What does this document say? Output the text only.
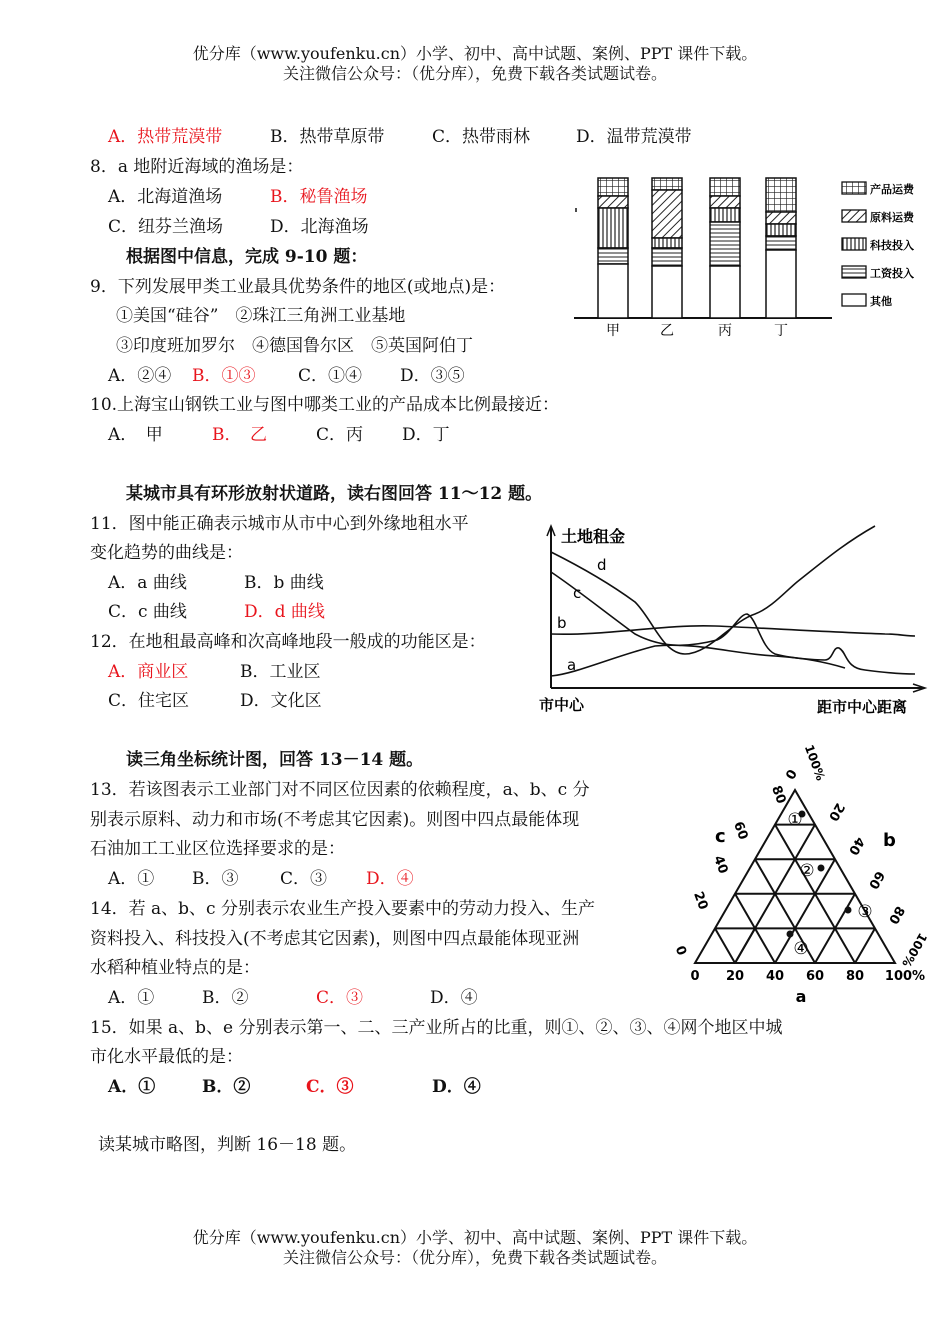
优分库（www.youfenku.cn）小学、初中、高中试题、案例、PPT 课件下载。
关注微信公众号：（优分库），免费下载各类试题试卷。
A．热带荒漠带	B．热带草原带	C．热带雨林	D．温带荒漠带
8．a 地附近海域的渔场是：
A．北海道渔场	B．秘鲁渔场
C．纽芬兰渔场	D．北海渔场
根据图中信息，完成 9-10 题：
9．下列发展甲类工业最具优势条件的地区(或地点)是：
①美国“硅谷”　②珠江三角洲工业基地
③印度班加罗尔　④德国鲁尔区　⑤英国阿伯丁
A．②④ B．①③	C．①④ D．③⑤
10.上海宝山钢铁工业与图中哪类工业的产品成本比例最接近：
A．　甲	B．　乙	C．丙 D．丁
甲	乙	丙	丁
产品运费
原料运费
科技投入
工资投入
其他
某城市具有环形放射状道路，读右图回答 11～12 题。
11．图中能正确表示城市从市中心到外缘地租水平
变化趋势的曲线是：
A．a 曲线	B．b 曲线
C．c 曲线	D．d 曲线
12．在地租最高峰和次高峰地段一般成的功能区是：
A．商业区	B．工业区
C．住宅区	D．文化区
土地租金
市中心	距市中心距离
d
c
b
a
读三角坐标统计图，回答 13－14 题。
13．若该图表示工业部门对不同区位因素的依赖程度，a、b、c 分
别表示原料、动力和市场(不考虑其它因素)。则图中四点最能体现
石油加工工业区位选择要求的是：
A．① B．③ C．③ D．④
14．若 a、b、c 分别表示农业生产投入要素中的劳动力投入、生产
资料投入、科技投入(不考虑其它因素)，则图中四点最能体现亚洲
水稻种植业特点的是：
A．①	B．②	C．③	D．④
0 20 40 60 80 100%
a
0
20
40
60
80
100%
b
100%
80
60
40
20
0
c
①
②
③
④
15．如果 a、b、e 分别表示第一、二、三产业所占的比重，则①、②、③、④网个地区中城
市化水平最低的是：
A．①	B．②	C．③	D．④
读某城市略图，判断 16－18 题。
优分库（www.youfenku.cn）小学、初中、高中试题、案例、PPT 课件下载。
关注微信公众号：（优分库），免费下载各类试题试卷。
